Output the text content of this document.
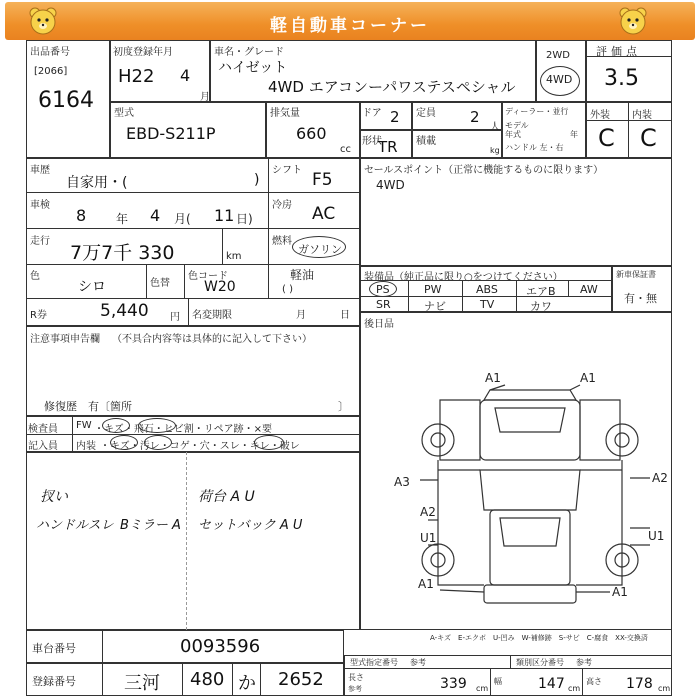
軽自動車コーナー
出品番号
[2066]
6164
初度登録年月
H22 4
月
車名・グレード
ハイゼット
4WD エアコンーパワステスペシャル
2WD
4WD
評価点
3.5
型式
EBD-S211P
排気量
660
cc
ドア 2 定員 2
人
ディーラー・並行
モデル
年式	年
ハンドル 左・右
形状
TR 積載
kg
外装 内装
C C
車歴
自家用・(	)
シフト F5
車検
8 年 4 月( 11 日)
冷房 AC
走行
7万7千 330	km
燃料
ガソリン
色
シロ	色替
色コード
W20
軽油
( )
R券	5,440 円 名変期限	月	日
セールスポイント（正常に機能するものに限ります）
4WD
装備品（純正品に限り○をつけてください）
PS	PW	ABS	エアB AW
SR	ナビ	TV	カワ
新車保証書
有・無
後日品
注意事項申告欄 （不具合内容等は具体的に記入して下さい）
修復歴　有〔箇所	〕
検査員
記入員
FW ・キズ・飛石・ヒビ割・リペア跡・×要
内装 ・キズ・汚レ・コゲ・穴・スレ・キレ・破レ
扠い	荷台 A U
ハンドルスレ Bミラー A セットバック A U
A1	A1
A3	A2
A2
U1	U1
A1
A1
A-キズ　E-エクボ　U-凹み　W-補修跡　S-サビ　C-腐食　XX-交換済
車台番号	0093596
登録番号	三河 480 か 2652
型式指定番号 参考	類別区分番号 参考
長さ
参考	339 cm
幅	147 cm
高さ 178 cm
